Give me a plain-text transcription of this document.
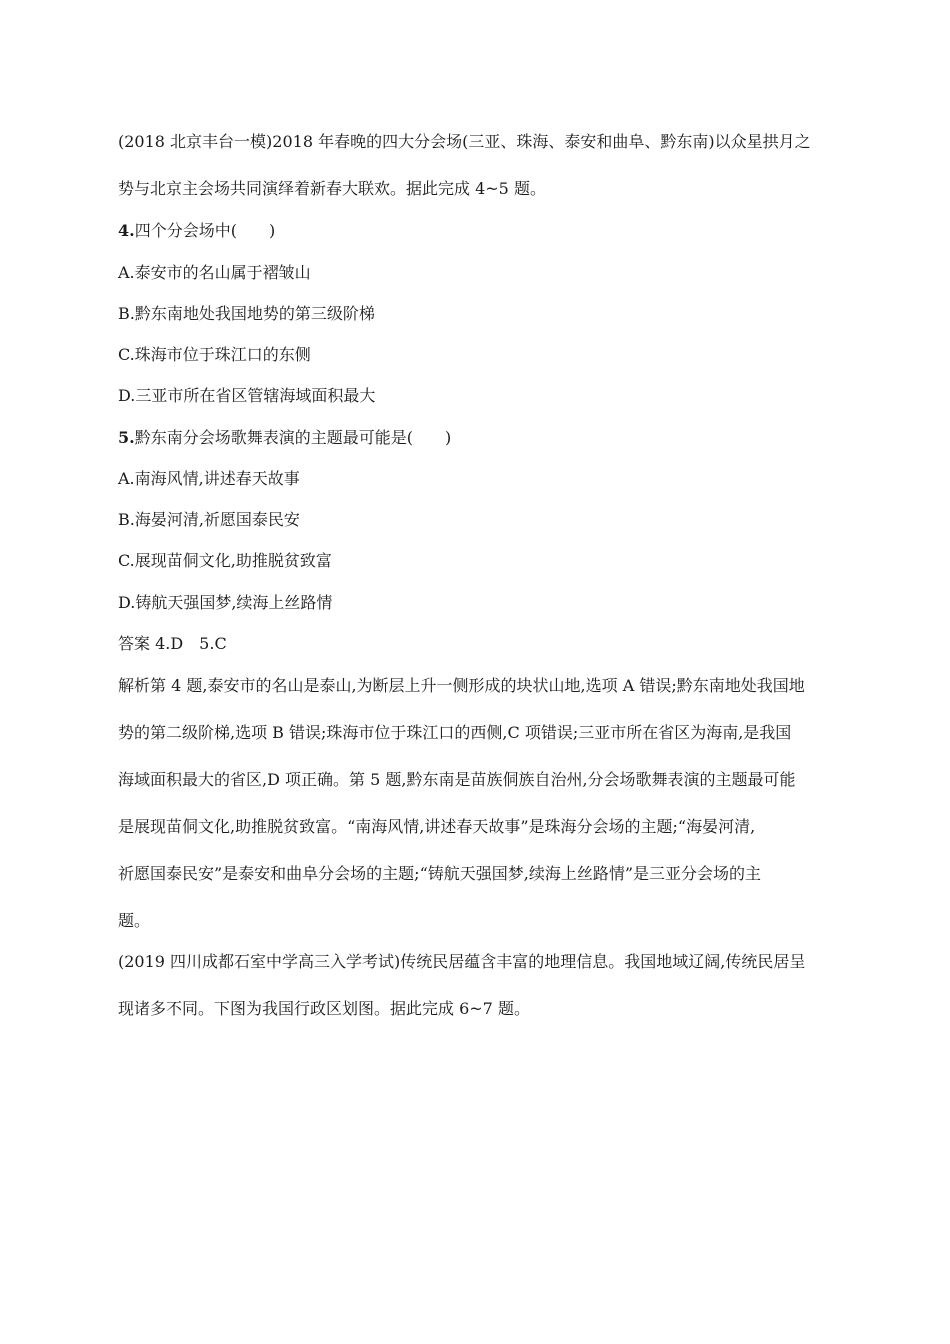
(2018 北京丰台一模)2018 年春晚的四大分会场(三亚、珠海、泰安和曲阜、黔东南)以众星拱月之
势与北京主会场共同演绎着新春大联欢。据此完成 4~5 题。
4.四个分会场中(　　)
A.泰安市的名山属于褶皱山
B.黔东南地处我国地势的第三级阶梯
C.珠海市位于珠江口的东侧
D.三亚市所在省区管辖海域面积最大
5.黔东南分会场歌舞表演的主题最可能是(　　)
A.南海风情,讲述春天故事
B.海晏河清,祈愿国泰民安
C.展现苗侗文化,助推脱贫致富
D.铸航天强国梦,续海上丝路情
答案 4.D　5.C
解析第 4 题,泰安市的名山是泰山,为断层上升一侧形成的块状山地,选项 A 错误;黔东南地处我国地
势的第二级阶梯,选项 B 错误;珠海市位于珠江口的西侧,C 项错误;三亚市所在省区为海南,是我国
海域面积最大的省区,D 项正确。第 5 题,黔东南是苗族侗族自治州,分会场歌舞表演的主题最可能
是展现苗侗文化,助推脱贫致富。“南海风情,讲述春天故事”是珠海分会场的主题;“海晏河清,
祈愿国泰民安”是泰安和曲阜分会场的主题;“铸航天强国梦,续海上丝路情”是三亚分会场的主
题。
(2019 四川成都石室中学高三入学考试)传统民居蕴含丰富的地理信息。我国地域辽阔,传统民居呈
现诸多不同。下图为我国行政区划图。据此完成 6~7 题。
